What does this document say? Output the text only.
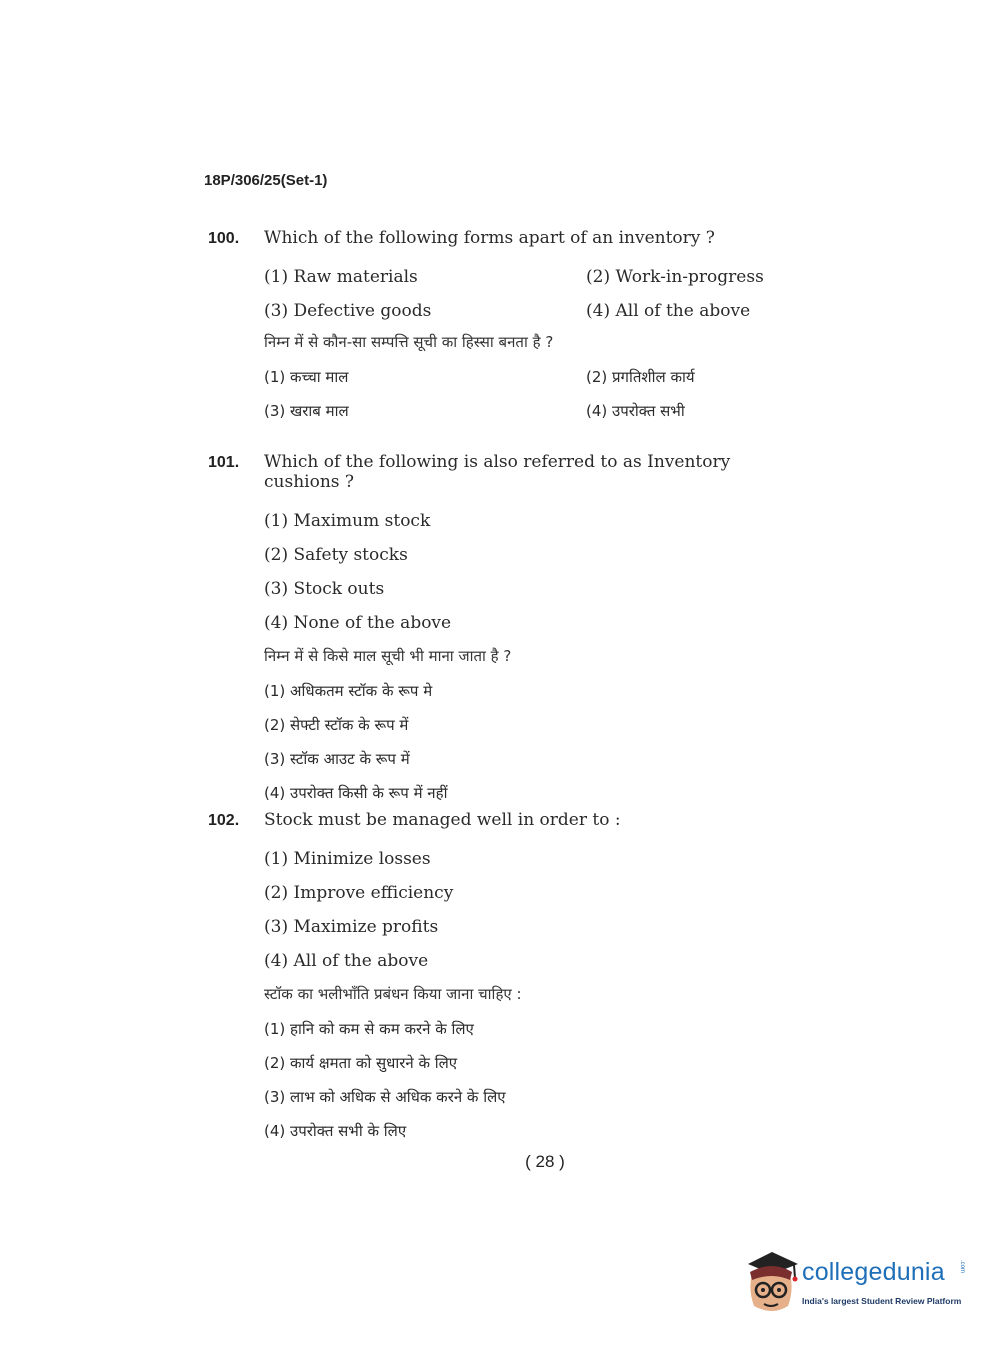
18P/306/25(Set-1)
100.	Which of the following forms apart of an inventory ?
(1) Raw materials	(2) Work-in-progress
(3) Defective goods	(4) All of the above
निम्न में से कौन-सा सम्पत्ति सूची का हिस्सा बनता है ?
(1) कच्चा माल	(2) प्रगतिशील कार्य
(3) खराब माल	(4) उपरोक्त सभी
101.	Which of the following is also referred to as Inventory cushions ?
(1) Maximum stock
(2) Safety stocks
(3) Stock outs
(4) None of the above
निम्न में से किसे माल सूची भी माना जाता है ?
(1) अधिकतम स्टॉक के रूप मे
(2) सेफ्टी स्टॉक के रूप में
(3) स्टॉक आउट के रूप में
(4) उपरोक्त किसी के रूप में नहीं
102.	Stock must be managed well in order to :
(1) Minimize losses
(2) Improve efficiency
(3) Maximize profits
(4) All of the above
स्टॉक का भलीभाँति प्रबंधन किया जाना चाहिए :
(1) हानि को कम से कम करने के लिए
(2) कार्य क्षमता को सुधारने के लिए
(3) लाभ को अधिक से अधिक करने के लिए
(4) उपरोक्त सभी के लिए
( 28 )
collegedunia .com
India's largest Student Review Platform
